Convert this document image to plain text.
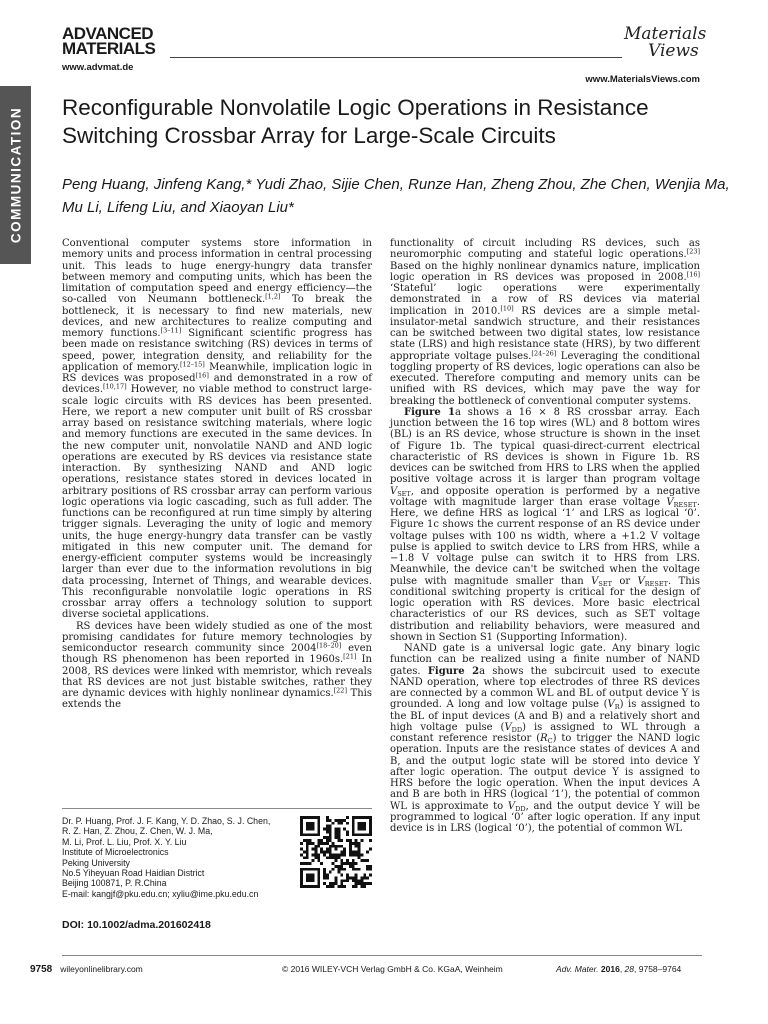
COMMUNICATION
ADVANCED
MATERIALS
www.advmat.de
Materials
Views
www.MaterialsViews.com
Reconfigurable Nonvolatile Logic Operations in Resistance Switching Crossbar Array for Large-Scale Circuits

Peng Huang, Jinfeng Kang,* Yudi Zhao, Sijie Chen, Runze Han, Zheng Zhou, Zhe Chen, Wenjia Ma, Mu Li, Lifeng Liu, and Xiaoyan Liu*

Conventional computer systems store information in memory units and process information in central processing unit. This leads to huge energy-hungry data transfer between memory and computing units, which has been the limitation of computation speed and energy efficiency—the so-called von Neumann bottleneck.[1,2] To break the bottleneck, it is necessary to find new materials, new devices, and new architectures to realize computing and memory functions.[3–11] Significant scientific progress has been made on resistance switching (RS) devices in terms of speed, power, integration density, and reliability for the application of memory.[12–15] Meanwhile, implication logic in RS devices was proposed[16] and demonstrated in a row of devices.[10,17] However, no viable method to construct large-scale logic circuits with RS devices has been presented. Here, we report a new computer unit built of RS crossbar array based on resistance switching materials, where logic and memory functions are executed in the same devices. In the new computer unit, nonvolatile NAND and AND logic operations are executed by RS devices via resistance state interaction. By synthesizing NAND and AND logic operations, resistance states stored in devices located in arbitrary positions of RS crossbar array can perform various logic operations via logic cascading, such as full adder. The functions can be reconfigured at run time simply by altering trigger signals. Leveraging the unity of logic and memory units, the huge energy-hungry data transfer can be vastly mitigated in this new computer unit. The demand for energy-efficient computer systems would be increasingly larger than ever due to the information revolutions in big data processing, Internet of Things, and wearable devices. This reconfigurable nonvolatile logic operations in RS crossbar array offers a technology solution to support diverse societal applications.

RS devices have been widely studied as one of the most promising candidates for future memory technologies by semiconductor research community since 2004[18–20] even though RS phenomenon has been reported in 1960s.[21] In 2008, RS devices were linked with memristor, which reveals that RS devices are not just bistable switches, rather they are dynamic devices with highly nonlinear dynamics.[22] This extends the

functionality of circuit including RS devices, such as neuromorphic computing and stateful logic operations.[23] Based on the highly nonlinear dynamics nature, implication logic operation in RS devices was proposed in 2008.[16] ‘Stateful’ logic operations were experimentally demonstrated in a row of RS devices via material implication in 2010.[10] RS devices are a simple metal-insulator-metal sandwich structure, and their resistances can be switched between two digital states, low resistance state (LRS) and high resistance state (HRS), by two different appropriate voltage pulses.[24–26] Leveraging the conditional toggling property of RS devices, logic operations can also be executed. Therefore computing and memory units can be unified with RS devices, which may pave the way for breaking the bottleneck of conventional computer systems.

Figure 1a shows a 16 × 8 RS crossbar array. Each junction between the 16 top wires (WL) and 8 bottom wires (BL) is an RS device, whose structure is shown in the inset of Figure 1b. The typical quasi-direct-current electrical characteristic of RS devices is shown in Figure 1b. RS devices can be switched from HRS to LRS when the applied positive voltage across it is larger than program voltage $V_{SET}$, and opposite operation is performed by a negative voltage with magnitude larger than erase voltage $V_{RESET}$. Here, we define HRS as logical ‘1’ and LRS as logical ‘0’. Figure 1c shows the current response of an RS device under voltage pulses with 100 ns width, where a +1.2 V voltage pulse is applied to switch device to LRS from HRS, while a −1.8 V voltage pulse can switch it to HRS from LRS. Meanwhile, the device can't be switched when the voltage pulse with magnitude smaller than $V_{SET}$ or $V_{RESET}$. This conditional switching property is critical for the design of logic operation with RS devices. More basic electrical characteristics of our RS devices, such as SET voltage distribution and reliability behaviors, were measured and shown in Section S1 (Supporting Information).

NAND gate is a universal logic gate. Any binary logic function can be realized using a finite number of NAND gates. Figure 2a shows the subcircuit used to execute NAND operation, where top electrodes of three RS devices are connected by a common WL and BL of output device Y is grounded. A long and low voltage pulse $(V_R)$ is assigned to the BL of input devices (A and B) and a relatively short and high voltage pulse $(V_{DD})$ is assigned to WL through a constant reference resistor $(R_C)$ to trigger the NAND logic operation. Inputs are the resistance states of devices A and B, and the output logic state will be stored into device Y after logic operation. The output device Y is assigned to HRS before the logic operation. When the input devices A and B are both in HRS (logical ‘1’), the potential of common WL is approximate to $V_{DD}$, and the output device Y will be programmed to logical ‘0’ after logic operation. If any input device is in LRS (logical ‘0’), the potential of common WL

Dr. P. Huang, Prof. J. F. Kang, Y. D. Zhao, S. J. Chen,
R. Z. Han, Z. Zhou, Z. Chen, W. J. Ma,
M. Li, Prof. L. Liu, Prof. X. Y. Liu
Institute of Microelectronics
Peking University
No.5 Yiheyuan Road Haidian District
Beijing 100871, P. R.China
E-mail: kangjf@pku.edu.cn; xyliu@ime.pku.edu.cn
DOI: 10.1002/adma.201602418
9758 wileyonlinelibrary.com	© 2016 WILEY-VCH Verlag GmbH & Co. KGaA, Weinheim	Adv. Mater. 2016, 28, 9758–9764
